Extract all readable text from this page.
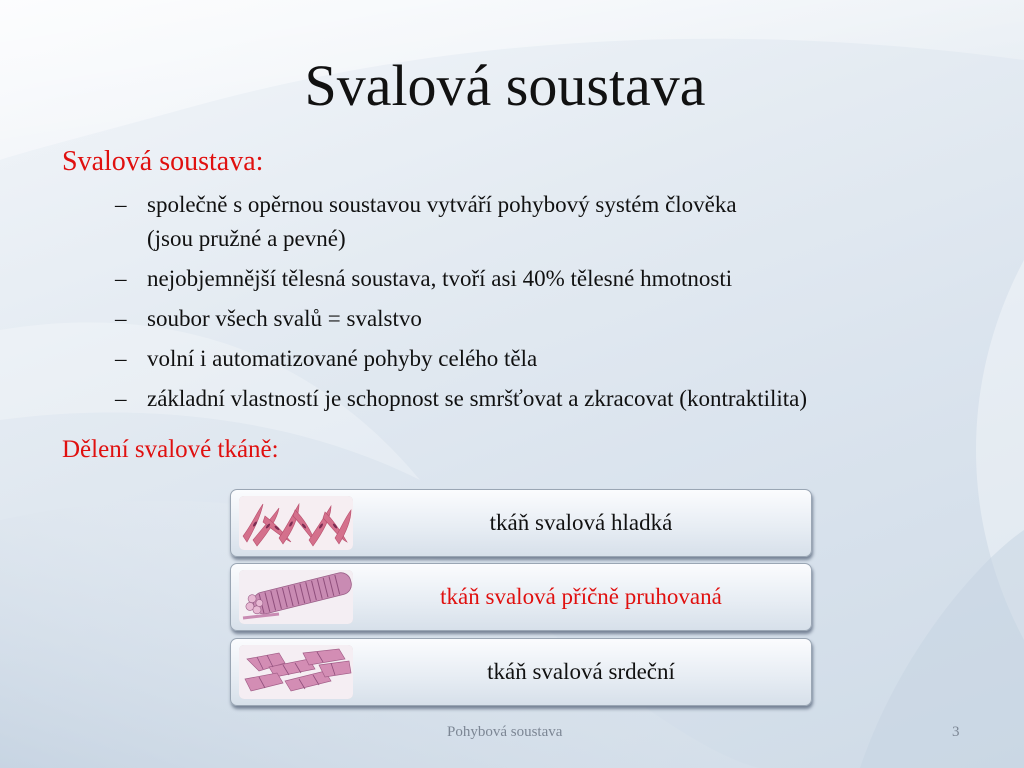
Svalová soustava
Svalová soustava:
– společně s opěrnou soustavou vytváří pohybový systém člověka
(jsou pružné a pevné)
– nejobjemnější tělesná soustava, tvoří asi 40% tělesné hmotnosti
– soubor všech svalů = svalstvo
– volní i automatizované pohyby celého těla
– základní vlastností je schopnost se smršťovat a zkracovat (kontraktilita)
Dělení svalové tkáně:
tkáň svalová hladká
tkáň svalová příčně pruhovaná
tkáň svalová srdeční
Pohybová soustava	3
